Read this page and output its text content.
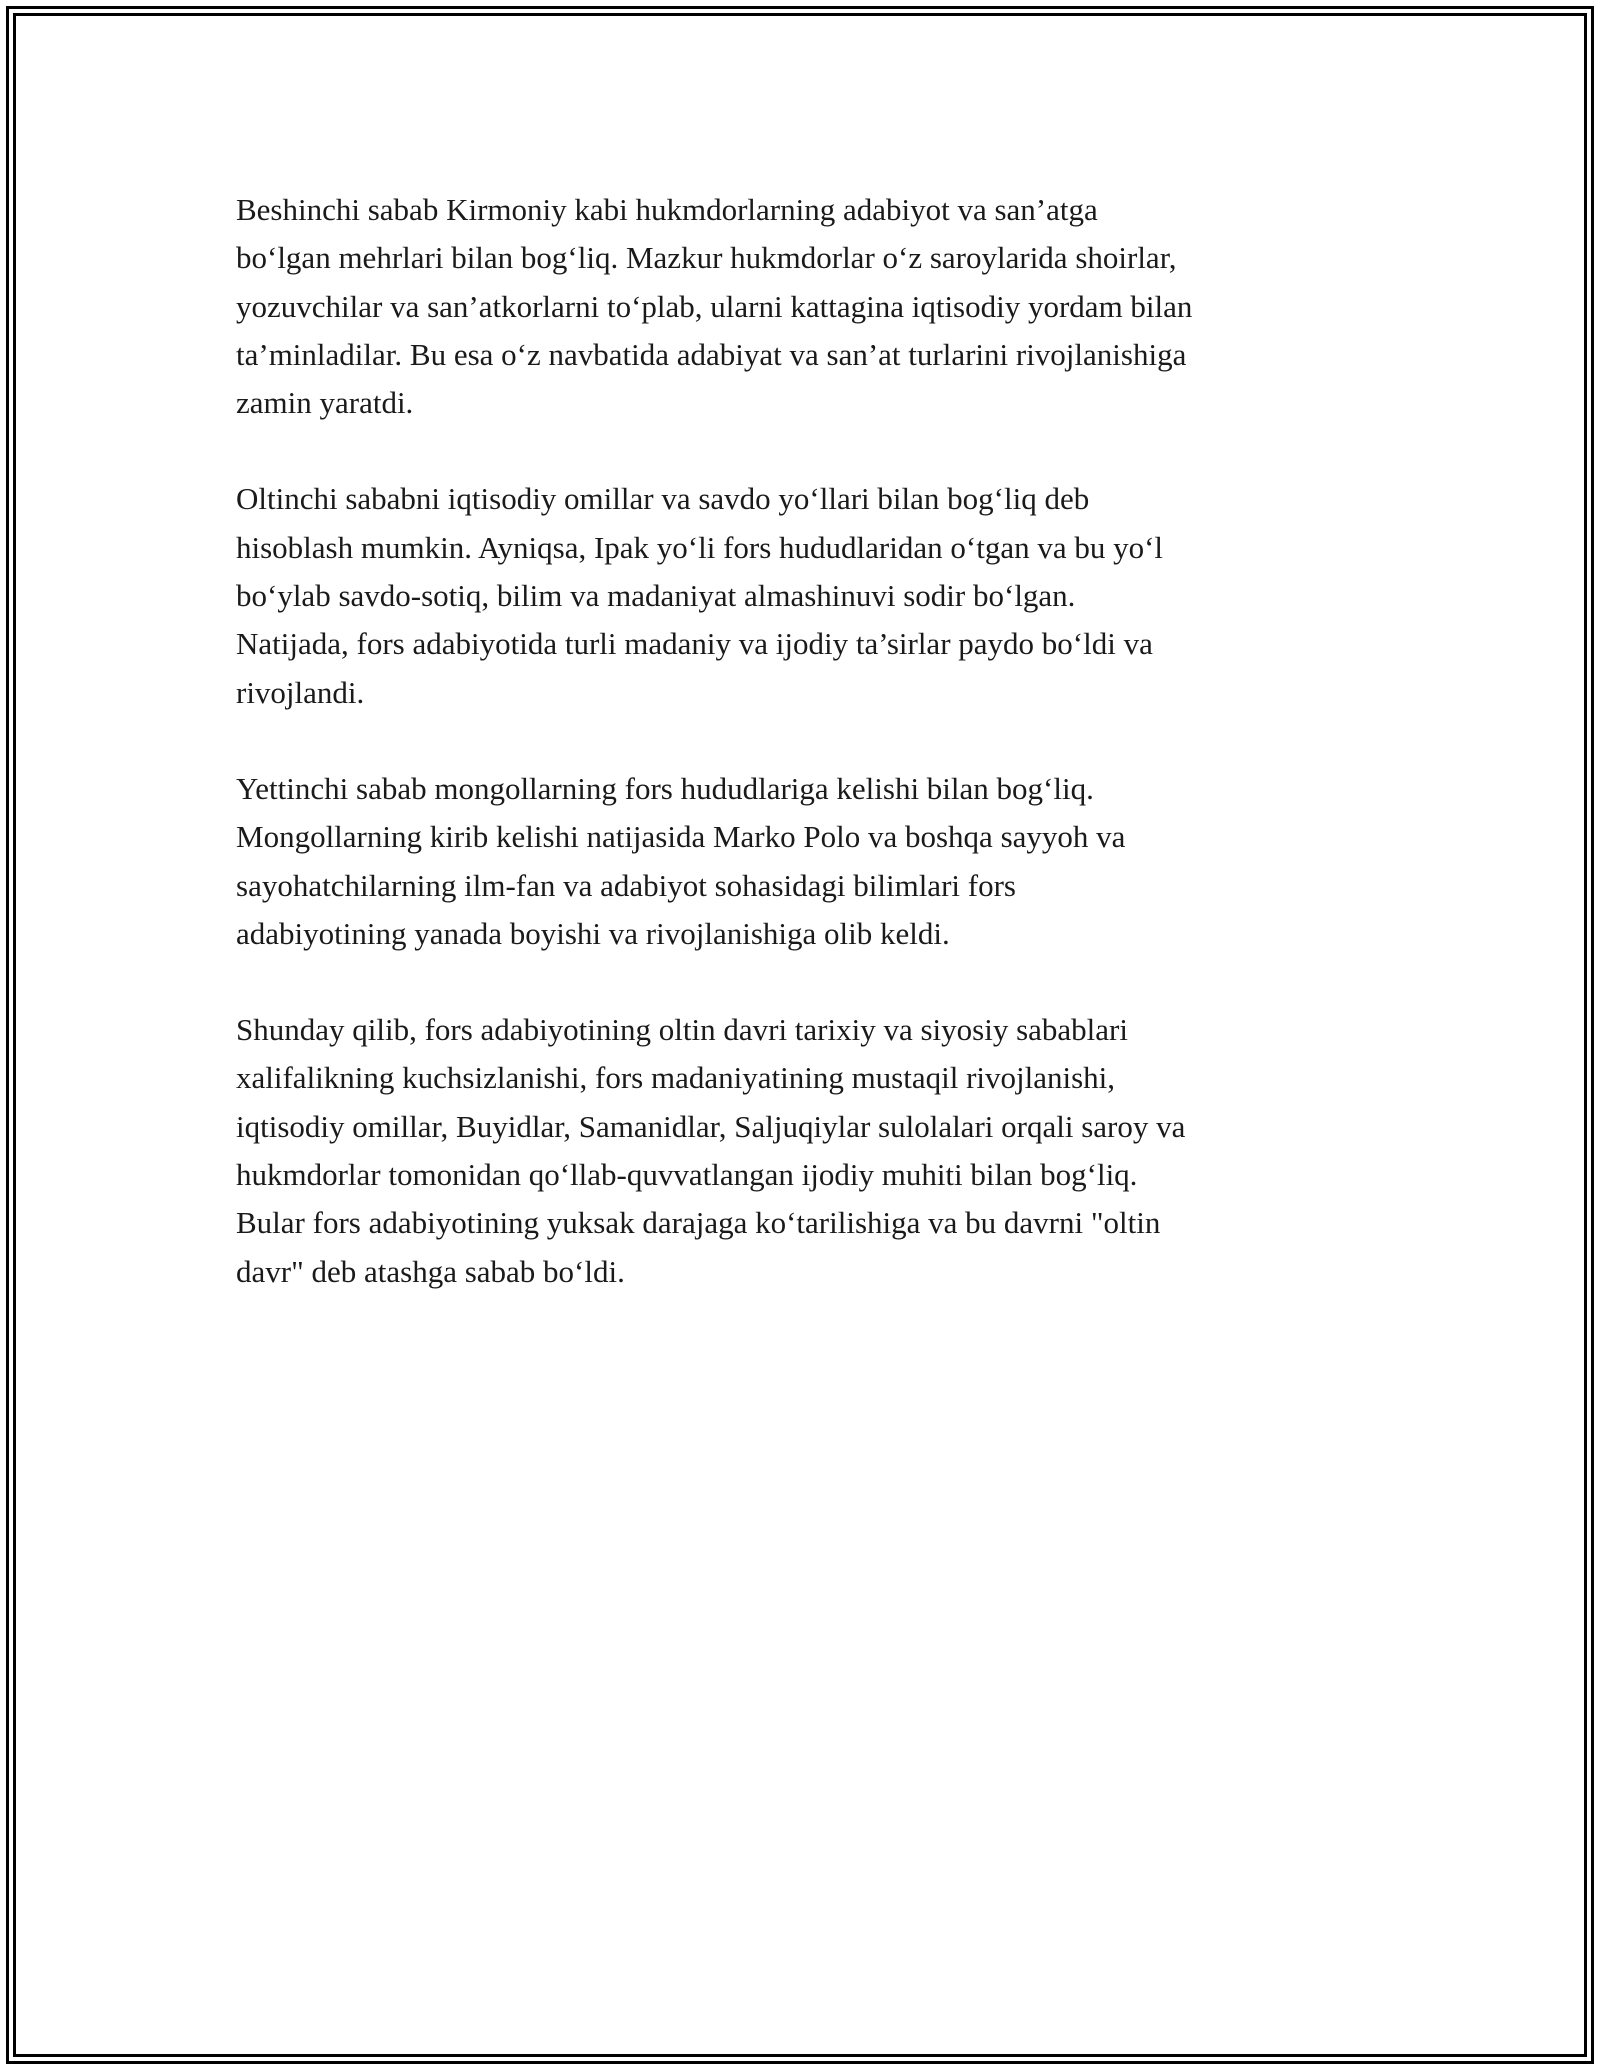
Beshinchi sabab Kirmoniy kabi hukmdorlarning adabiyot va san’atga
bo‘lgan mehrlari bilan bog‘liq. Mazkur hukmdorlar o‘z saroylarida shoirlar,
yozuvchilar va san’atkorlarni to‘plab, ularni kattagina iqtisodiy yordam bilan
ta’minladilar. Bu esa o‘z navbatida adabiyat va san’at turlarini rivojlanishiga
zamin yaratdi.

Oltinchi sababni iqtisodiy omillar va savdo yo‘llari bilan bog‘liq deb
hisoblash mumkin. Ayniqsa, Ipak yo‘li fors hududlaridan o‘tgan va bu yo‘l
bo‘ylab savdo-sotiq, bilim va madaniyat almashinuvi sodir bo‘lgan.
Natijada, fors adabiyotida turli madaniy va ijodiy ta’sirlar paydo bo‘ldi va
rivojlandi.

Yettinchi sabab mongollarning fors hududlariga kelishi bilan bog‘liq.
Mongollarning kirib kelishi natijasida Marko Polo va boshqa sayyoh va
sayohatchilarning ilm-fan va adabiyot sohasidagi bilimlari fors
adabiyotining yanada boyishi va rivojlanishiga olib keldi.

Shunday qilib, fors adabiyotining oltin davri tarixiy va siyosiy sabablari
xalifalikning kuchsizlanishi, fors madaniyatining mustaqil rivojlanishi,
iqtisodiy omillar, Buyidlar, Samanidlar, Saljuqiylar sulolalari orqali saroy va
hukmdorlar tomonidan qo‘llab-quvvatlangan ijodiy muhiti bilan bog‘liq.
Bular fors adabiyotining yuksak darajaga ko‘tarilishiga va bu davrni "oltin
davr" deb atashga sabab bo‘ldi.
